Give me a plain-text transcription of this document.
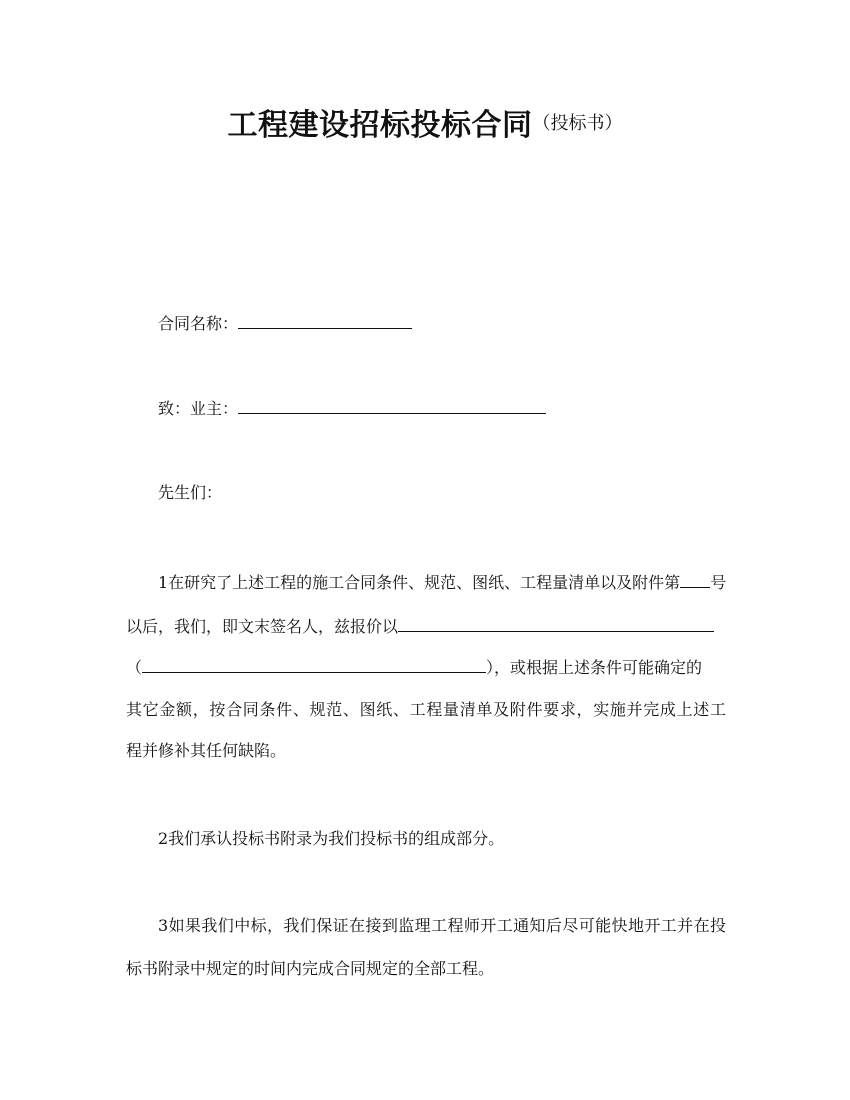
工程建设招标投标合同（投标书）
合同名称：
致：业主：
先生们：
1在研究了上述工程的施工合同条件、规范、图纸、工程量清单以及附件第 号
以后，我们，即文末签名人，兹报价以
（	），或根据上述条件可能确定的
其它金额，按合同条件、规范、图纸、工程量清单及附件要求，实施并完成上述工
程并修补其任何缺陷。
2我们承认投标书附录为我们投标书的组成部分。
3如果我们中标，我们保证在接到监理工程师开工通知后尽可能快地开工并在投
标书附录中规定的时间内完成合同规定的全部工程。
